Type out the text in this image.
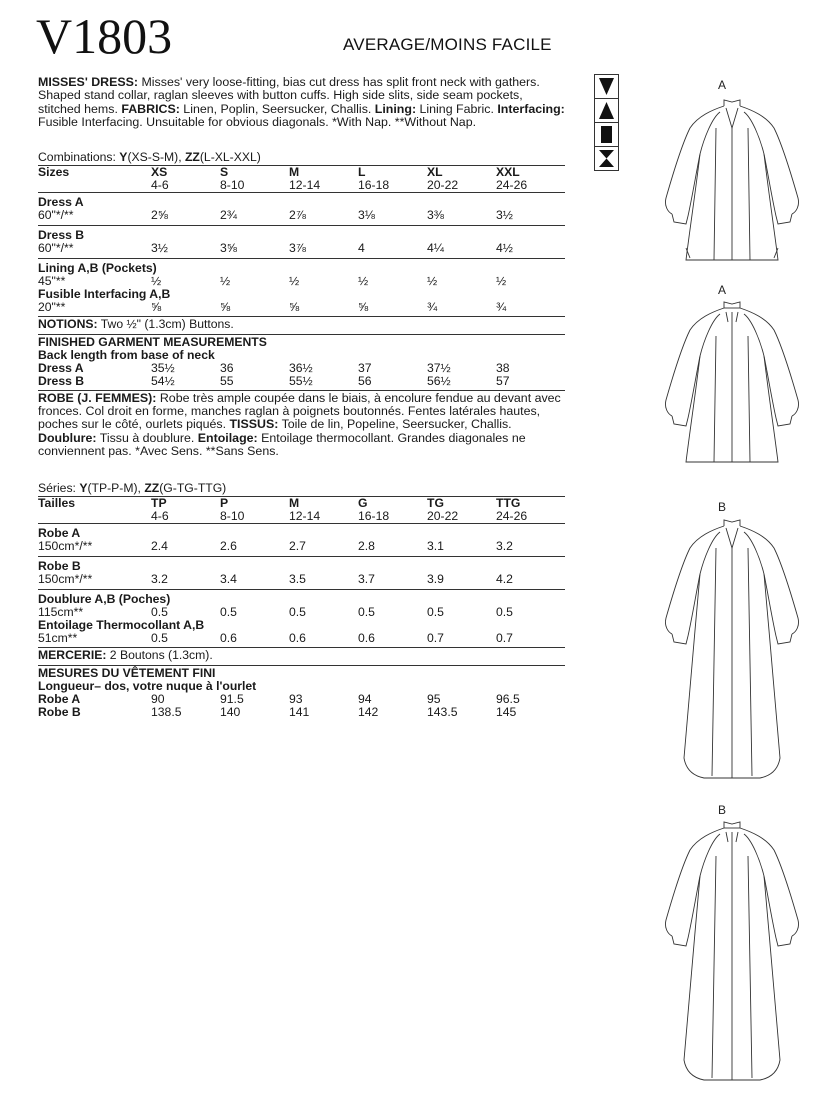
V1803	AVERAGE/MOINS FACILE

MISSES' DRESS: Misses' very loose-fitting, bias cut dress has split front neck with gathers. Shaped stand collar, raglan sleeves with button cuffs. High side slits, side seam pockets, stitched hems. FABRICS: Linen, Poplin, Seersucker, Challis. Lining: Lining Fabric. Interfacing: Fusible Interfacing. Unsuitable for obvious diagonals. *With Nap. **Without Nap.

Combinations: Y(XS-S-M), ZZ(L-XL-XXL)
Sizes	XS	S	M	L	XL	XXL
	4-6	8-10	12-14	16-18	20-22	24-26
Dress A						
60"*/**	2⅝	2¾	2⅞	3⅛	3⅜	3½
Dress B						
60"*/**	3½	3⅝	3⅞	4	4¼	4½
Lining A,B (Pockets)						
45"**	½	½	½	½	½	½
Fusible Interfacing A,B						
20"**	⅝	⅝	⅝	⅝	¾	¾
NOTIONS: Two ½" (1.3cm) Buttons.
FINISHED GARMENT MEASUREMENTS						
Back length from base of neck						
Dress A	35½	36	36½	37	37½	38
Dress B	54½	55	55½	56	56½	57

ROBE (J. FEMMES): Robe très ample coupée dans le biais, à encolure fendue au devant avec fronces. Col droit en forme, manches raglan à poignets boutonnés. Fentes latérales hautes, poches sur le côté, ourlets piqués. TISSUS: Toile de lin, Popeline, Seersucker, Challis. Doublure: Tissu à doublure. Entoilage: Entoilage thermocollant. Grandes diagonales ne conviennent pas. *Avec Sens. **Sans Sens.

Séries: Y(TP-P-M), ZZ(G-TG-TTG)
Tailles	TP	P	M	G	TG	TTG
	4-6	8-10	12-14	16-18	20-22	24-26
Robe A						
150cm*/**	2.4	2.6	2.7	2.8	3.1	3.2
Robe B						
150cm*/**	3.2	3.4	3.5	3.7	3.9	4.2
Doublure A,B (Poches)						
115cm**	0.5	0.5	0.5	0.5	0.5	0.5
Entoilage Thermocollant A,B						
51cm**	0.5	0.6	0.6	0.6	0.7	0.7
MERCERIE: 2 Boutons (1.3cm).
MESURES DU VÊTEMENT FINI						
Longueur– dos, votre nuque à l'ourlet						
Robe A	90	91.5	93	94	95	96.5
Robe B	138.5	140	141	142	143.5	145
A
A
B
B
